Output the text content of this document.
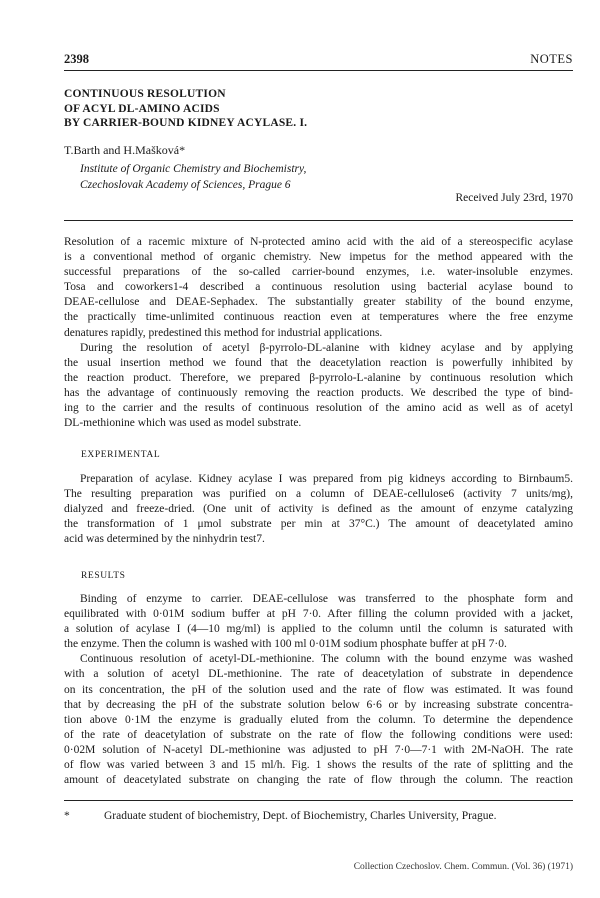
2398	NOTES
CONTINUOUS RESOLUTION
OF ACYL DL-AMINO ACIDS
BY CARRIER-BOUND KIDNEY ACYLASE. I.
T.Barth and H.Mašková*
Institute of Organic Chemistry and Biochemistry,
Czechoslovak Academy of Sciences, Prague 6
Received July 23rd, 1970
Resolution of a racemic mixture of N-protected amino acid with the aid of a stereospecific acylase
is a conventional method of organic chemistry. New impetus for the method appeared with the
successful preparations of the so-called carrier-bound enzymes, i.e. water-insoluble enzymes.
Tosa and coworkers1-4 described a continuous resolution using bacterial acylase bound to
DEAE-cellulose and DEAE-Sephadex. The substantially greater stability of the bound enzyme,
the practically time-unlimited continuous reaction even at temperatures where the free enzyme
denatures rapidly, predestined this method for industrial applications.
During the resolution of acetyl β-pyrrolo-DL-alanine with kidney acylase and by applying
the usual insertion method we found that the deacetylation reaction is powerfully inhibited by
the reaction product. Therefore, we prepared β-pyrrolo-L-alanine by continuous resolution which
has the advantage of continuously removing the reaction products. We described the type of bind-
ing to the carrier and the results of continuous resolution of the amino acid as well as of acetyl
DL-methionine which was used as model substrate.
EXPERIMENTAL
Preparation of acylase. Kidney acylase I was prepared from pig kidneys according to Birnbaum5.
The resulting preparation was purified on a column of DEAE-cellulose6 (activity 7 units/mg),
dialyzed and freeze-dried. (One unit of activity is defined as the amount of enzyme catalyzing
the transformation of 1 μmol substrate per min at 37°C.) The amount of deacetylated amino
acid was determined by the ninhydrin test7.
RESULTS
Binding of enzyme to carrier. DEAE-cellulose was transferred to the phosphate form and
equilibrated with 0·01M sodium buffer at pH 7·0. After filling the column provided with a jacket,
a solution of acylase I (4—10 mg/ml) is applied to the column until the column is saturated with
the enzyme. Then the column is washed with 100 ml 0·01M sodium phosphate buffer at pH 7·0.
Continuous resolution of acetyl-DL-methionine. The column with the bound enzyme was washed
with a solution of acetyl DL-methionine. The rate of deacetylation of substrate in dependence
on its concentration, the pH of the solution used and the rate of flow was estimated. It was found
that by decreasing the pH of the substrate solution below 6·6 or by increasing substrate concentra-
tion above 0·1M the enzyme is gradually eluted from the column. To determine the dependence
of the rate of deacetylation of substrate on the rate of flow the following conditions were used:
0·02M solution of N-acetyl DL-methionine was adjusted to pH 7·0—7·1 with 2M-NaOH. The rate
of flow was varied between 3 and 15 ml/h. Fig. 1 shows the results of the rate of splitting and the
amount of deacetylated substrate on changing the rate of flow through the column. The reaction
*	Graduate student of biochemistry, Dept. of Biochemistry, Charles University, Prague.
Collection Czechoslov. Chem. Commun. (Vol. 36) (1971)
